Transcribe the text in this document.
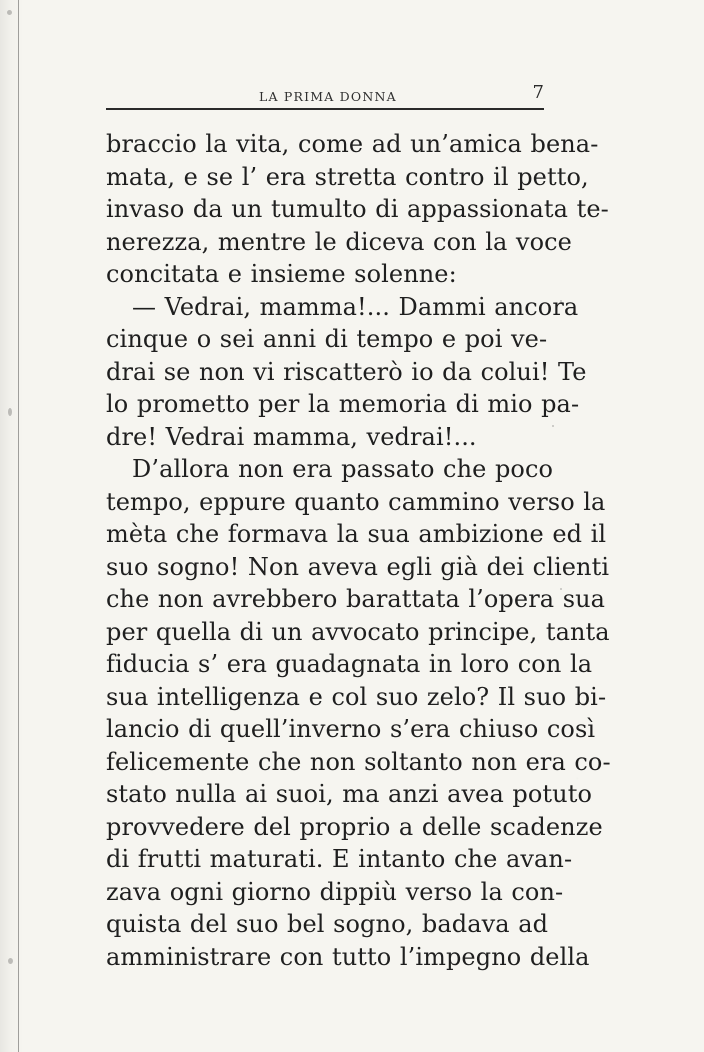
LA PRIMA DONNA	7
braccio la vita, come ad un’amica bena-
mata, e se l’ era stretta contro il petto,
invaso da un tumulto di appassionata te-
nerezza, mentre le diceva con la voce
concitata e insieme solenne:
— Vedrai, mamma!... Dammi ancora
cinque o sei anni di tempo e poi ve-
drai se non vi riscatterò io da colui! Te
lo prometto per la memoria di mio pa-
dre! Vedrai mamma, vedrai!...
D’allora non era passato che poco
tempo, eppure quanto cammino verso la
mèta che formava la sua ambizione ed il
suo sogno! Non aveva egli già dei clienti
che non avrebbero barattata l’opera sua
per quella di un avvocato principe, tanta
fiducia s’ era guadagnata in loro con la
sua intelligenza e col suo zelo? Il suo bi-
lancio di quell’inverno s’era chiuso così
felicemente che non soltanto non era co-
stato nulla ai suoi, ma anzi avea potuto
provvedere del proprio a delle scadenze
di frutti maturati. E intanto che avan-
zava ogni giorno dippiù verso la con-
quista del suo bel sogno, badava ad
amministrare con tutto l’impegno della
